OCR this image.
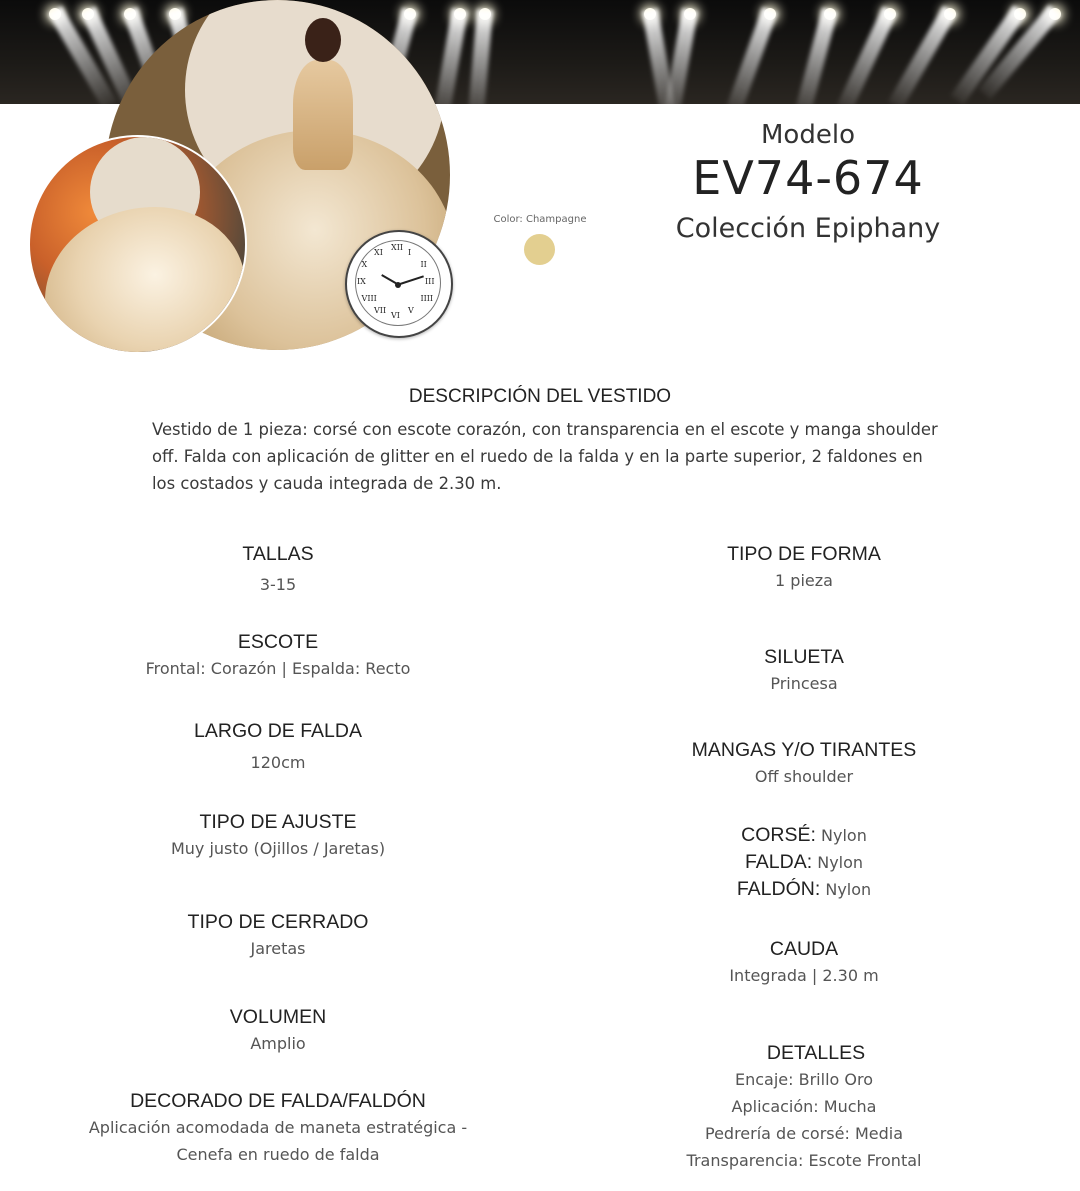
XII
I
II
III
IIII
V
VI
VII
VIII
IX
X
XI
Color: Champagne
Modelo
EV74-674
Colección Epiphany
DESCRIPCIÓN DEL VESTIDO
Vestido de 1 pieza: corsé con escote corazón, con transparencia en el escote y manga shoulder off. Falda con aplicación de glitter en el ruedo de la falda y en la parte superior, 2 faldones en los costados y cauda integrada de 2.30 m.
TALLAS
3-15
ESCOTE
Frontal: Corazón | Espalda: Recto
LARGO DE FALDA
120cm
TIPO DE AJUSTE
Muy justo (Ojillos / Jaretas)
TIPO DE CERRADO
Jaretas
VOLUMEN
Amplio
DECORADO DE FALDA/FALDÓN
Aplicación acomodada de maneta estratégica -
Cenefa en ruedo de falda
TIPO DE FORMA
1 pieza
SILUETA
Princesa
MANGAS Y/O TIRANTES
Off shoulder
CORSÉ: Nylon
FALDA: Nylon
FALDÓN: Nylon
CAUDA
Integrada | 2.30 m
DETALLES
Encaje: Brillo Oro
Aplicación: Mucha
Pedrería de corsé: Media
Transparencia: Escote Frontal
